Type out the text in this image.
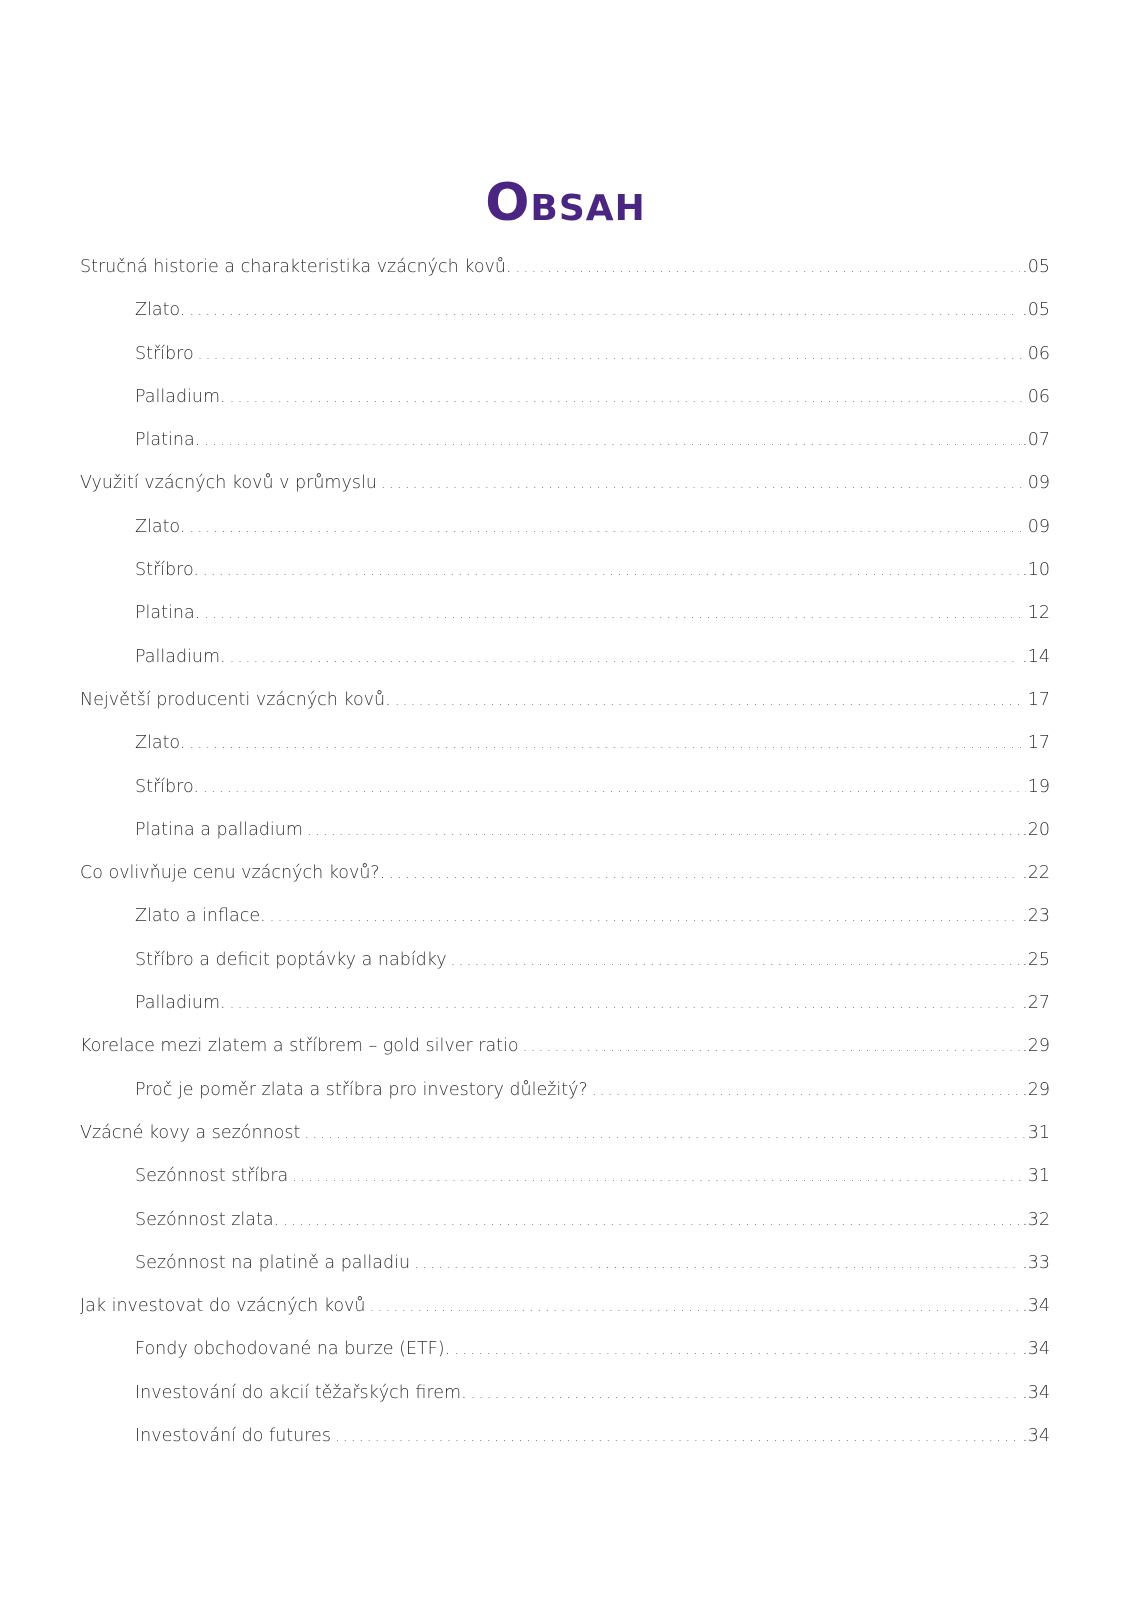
Obsah
Stručná historie a charakteristika vzácných kovů. .....	.05
Zlato. .....	.05
Stříbro .....	06
Palladium. .....	06
Platina. .....	.07
Využití vzácných kovů v průmyslu .....	09
Zlato. .....	09
Stříbro. .....	.10
Platina. .....	12
Palladium. .....	.14
Největší producenti vzácných kovů. .....	17
Zlato. .....	17
Stříbro. .....	19
Platina a palladium .....	.20
Co ovlivňuje cenu vzácných kovů?. .....	.22
Zlato a inflace. .....	.23
Stříbro a deficit poptávky a nabídky .....	.25
Palladium. .....	.27
Korelace mezi zlatem a stříbrem – gold silver ratio .....	.29
Proč je poměr zlata a stříbra pro investory důležitý? .....	.29
Vzácné kovy a sezónnost .....	31
Sezónnost stříbra .....	31
Sezónnost zlata. .....	.32
Sezónnost na platině a palladiu .....	.33
Jak investovat do vzácných kovů .....	.34
Fondy obchodované na burze (ETF). .....	.34
Investování do akcií těžařských firem. .....	.34
Investování do futures .....	.34
